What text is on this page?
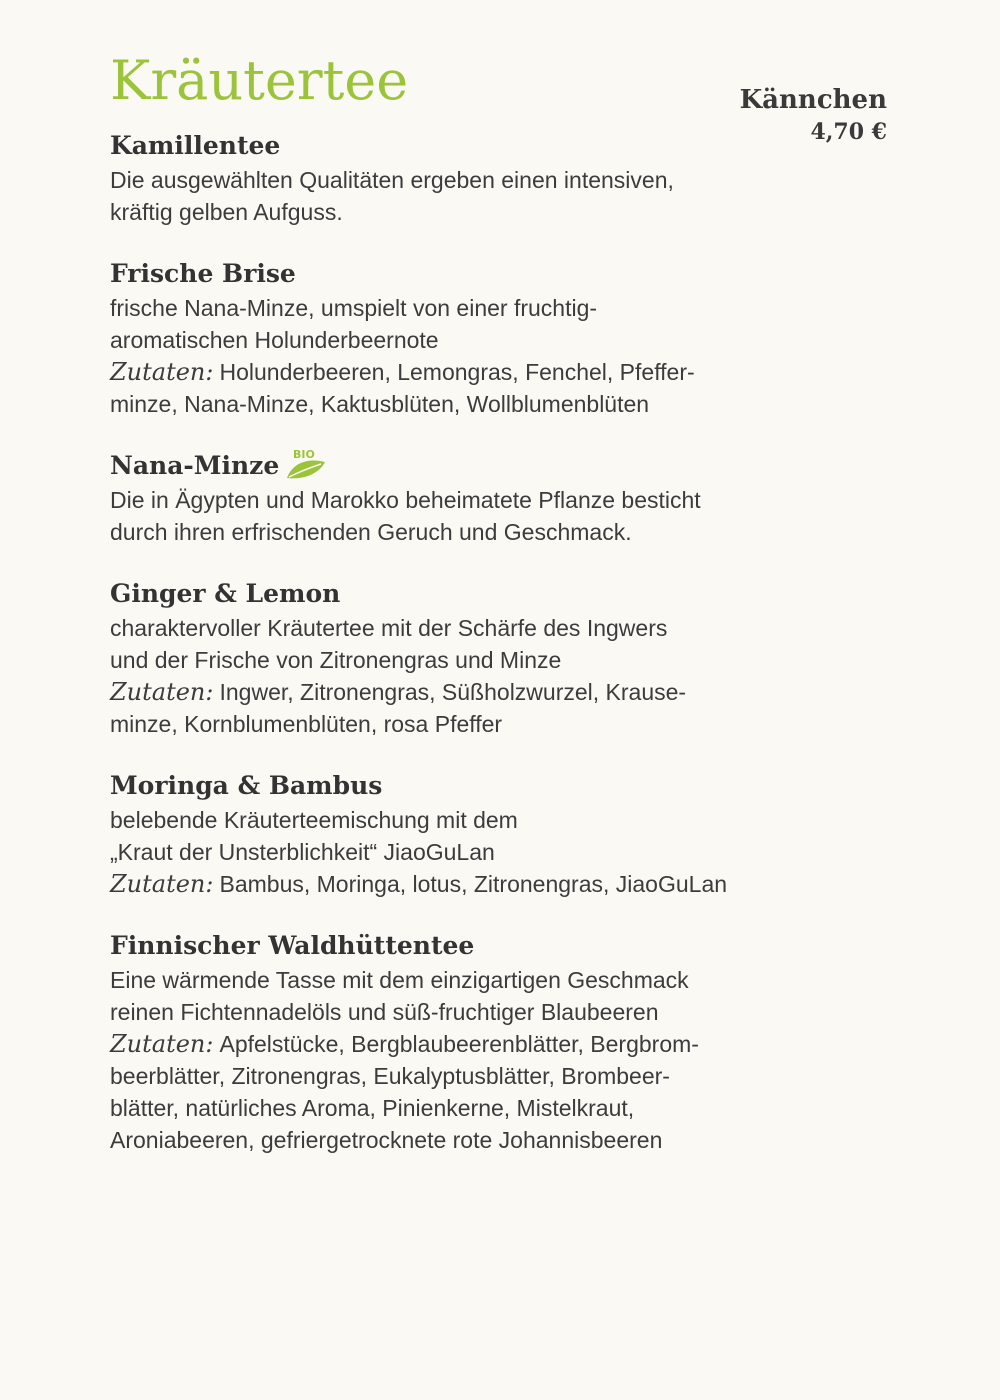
Kräutertee	Kännchen
4,70 €
Kamillentee

Die ausgewählten Qualitäten ergeben einen intensiven,
kräftig gelben Aufguss.

Frische Brise

frische Nana-Minze, umspielt von einer fruchtig-
aromatischen Holunderbeernote

Zutaten: Holunderbeeren, Lemongras, Fenchel, Pfeffer-
minze, Nana-Minze, Kaktusblüten, Wollblumenblüten

Nana-Minze BIO

Die in Ägypten und Marokko beheimatete Pflanze besticht
durch ihren erfrischenden Geruch und Geschmack.

Ginger & Lemon

charaktervoller Kräutertee mit der Schärfe des Ingwers
und der Frische von Zitronengras und Minze

Zutaten: Ingwer, Zitronengras, Süßholzwurzel, Krause-
minze, Kornblumenblüten, rosa Pfeffer

Moringa & Bambus

belebende Kräuterteemischung mit dem
„Kraut der Unsterblichkeit“ JiaoGuLan

Zutaten: Bambus, Moringa, lotus, Zitronengras, JiaoGuLan

Finnischer Waldhüttentee

Eine wärmende Tasse mit dem einzigartigen Geschmack
reinen Fichtennadelöls und süß-fruchtiger Blaubeeren

Zutaten: Apfelstücke, Bergblaubeerenblätter, Bergbrom-
beerblätter, Zitronengras, Eukalyptusblätter, Brombeer-
blätter, natürliches Aroma, Pinienkerne, Mistelkraut,
Aroniabeeren, gefriergetrocknete rote Johannisbeeren
